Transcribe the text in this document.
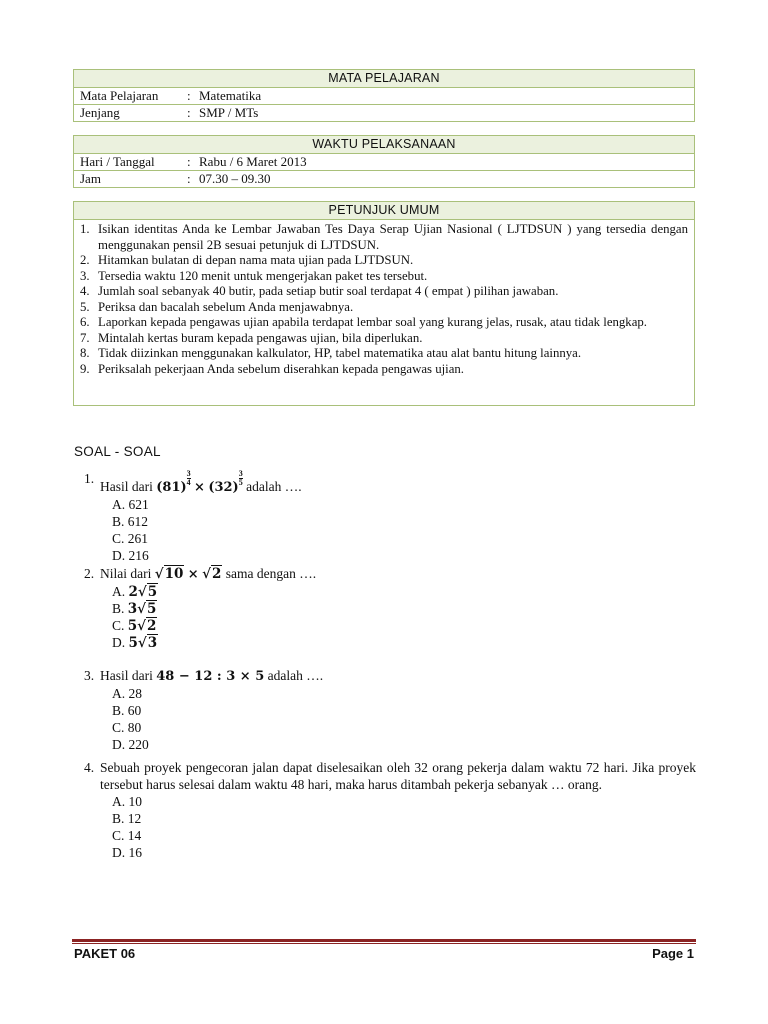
MATA PELAJARAN
Mata Pelajaran : Matematika
Jenjang	: SMP / MTs
WAKTU PELAKSANAAN
Hari / Tanggal : Rabu / 6 Maret 2013
Jam	: 07.30 – 09.30
PETUNJUK UMUM
1. Isikan identitas Anda ke Lembar Jawaban Tes Daya Serap Ujian Nasional ( LJTDSUN ) yang tersedia dengan menggunakan pensil 2B sesuai petunjuk di LJTDSUN.
2. Hitamkan bulatan di depan nama mata ujian pada LJTDSUN.
3. Tersedia waktu 120 menit untuk mengerjakan paket tes tersebut.
4. Jumlah soal sebanyak 40 butir, pada setiap butir soal terdapat 4 ( empat ) pilihan jawaban.
5. Periksa dan bacalah sebelum Anda menjawabnya.
6. Laporkan kepada pengawas ujian apabila terdapat lembar soal yang kurang jelas, rusak, atau tidak lengkap.
7. Mintalah kertas buram kepada pengawas ujian, bila diperlukan.
8. Tidak diizinkan menggunakan kalkulator, HP, tabel matematika atau alat bantu hitung lainnya.
9. Periksalah pekerjaan Anda sebelum diserahkan kepada pengawas ujian.
SOAL - SOAL
1.
Hasil dari (81)
$\frac{3}{4}$
× (32)
$\frac{3}{5}$ adalah ….
A. 621
B. 612
C. 261
D. 216
2. Nilai dari √10 × √2 sama dengan ….
A. 2√5
B. 3√5
C. 5√2
D. 5√3
3. Hasil dari 48 − 12 : 3 × 5 adalah ….
A. 28
B. 60
C. 80
D. 220
4. Sebuah proyek pengecoran jalan dapat diselesaikan oleh 32 orang pekerja dalam waktu 72 hari. Jika proyek tersebut harus selesai dalam waktu 48 hari, maka harus ditambah pekerja sebanyak … orang.
A. 10
B. 12
C. 14
D. 16
PAKET 06	Page 1
